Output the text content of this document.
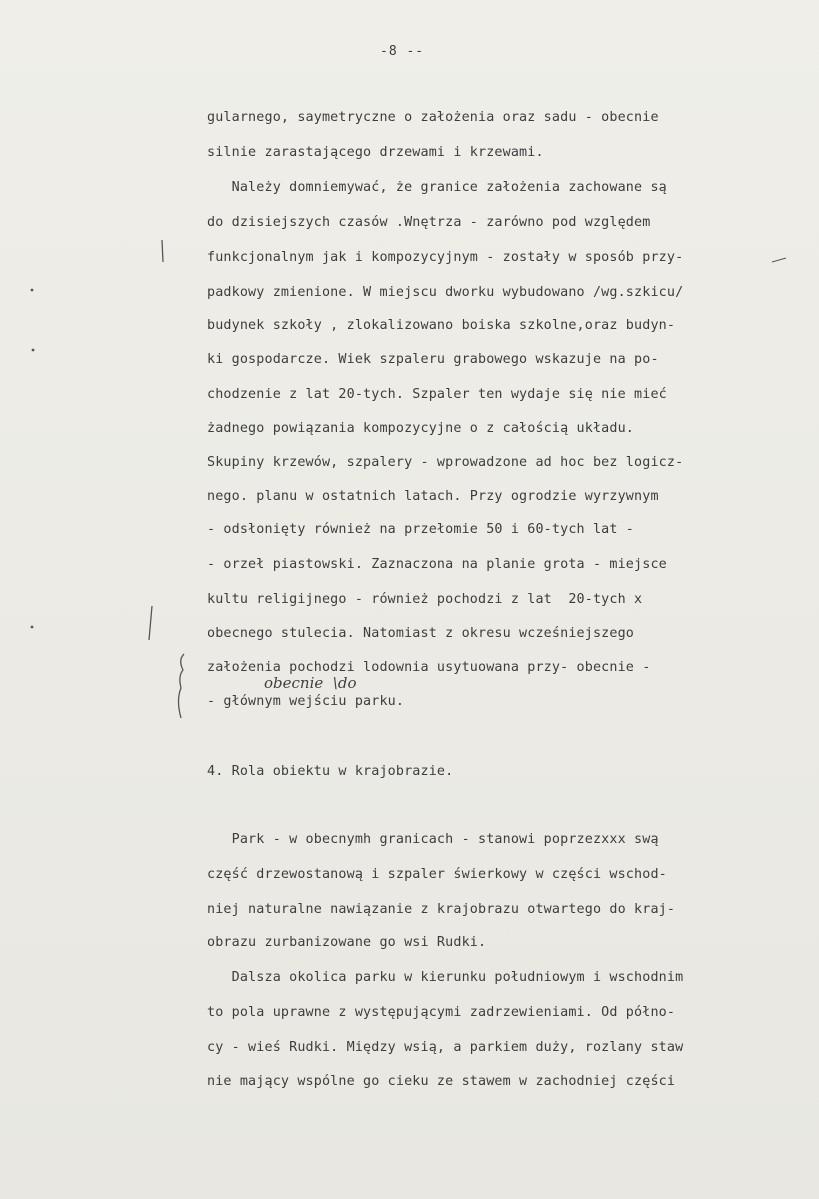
-8 --
gularnego, saymetryczne o założenia oraz sadu - obecnie
silnie zarastającego drzewami i krzewami.
Należy domniemywać, że granice założenia zachowane są
do dzisiejszych czasów .Wnętrza - zarówno pod względem
funkcjonalnym jak i kompozycyjnym - zostały w sposób przy-
padkowy zmienione. W miejscu dworku wybudowano /wg.szkicu/
budynek szkoły , zlokalizowano boiska szkolne,oraz budyn-
ki gospodarcze. Wiek szpaleru grabowego wskazuje na po-
chodzenie z lat 20-tych. Szpaler ten wydaje się nie mieć
żadnego powiązania kompozycyjne o z całością układu.
Skupiny krzewów, szpalery - wprowadzone ad hoc bez logicz-
nego. planu w ostatnich latach. Przy ogrodzie wyrzywnym
- odsłonięty również na przełomie 50 i 60-tych lat -
- orzeł piastowski. Zaznaczona na planie grota - miejsce
kultu religijnego - również pochodzi z lat  20-tych x
obecnego stulecia. Natomiast z okresu wcześniejszego
założenia pochodzi lodownia usytuowana przy- obecnie -
- głównym wejściu parku.
obecnie  \do
4. Rola obiektu w krajobrazie.
Park - w obecnymh granicach - stanowi poprzezxxx swą
część drzewostanową i szpaler świerkowy w części wschod-
niej naturalne nawiązanie z krajobrazu otwartego do kraj-
obrazu zurbanizowane go wsi Rudki.
Dalsza okolica parku w kierunku południowym i wschodnim
to pola uprawne z występującymi zadrzewieniami. Od półno-
cy - wieś Rudki. Między wsią, a parkiem duży, rozlany staw
nie mający wspólne go cieku ze stawem w zachodniej części
